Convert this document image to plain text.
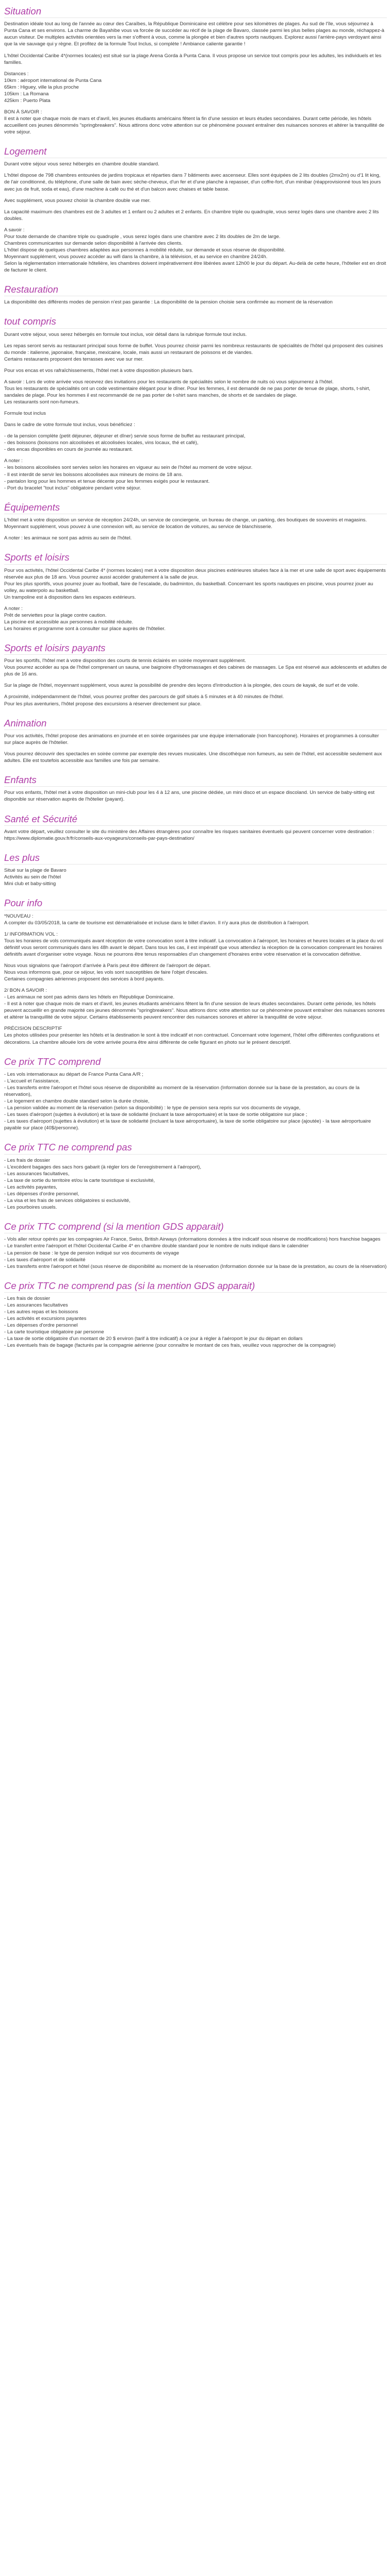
Situation

Destination idéale tout au long de l'année au cœur des Caraïbes, la République Dominicaine est célèbre pour ses kilomètres de plages. Au sud de l'île, vous séjournez à Punta Cana et ses environs. La charme de Bayahibe vous va forcée de succéder au récif de la plage de Bavaro, classée parmi les plus belles plages au monde, réchappez-à aucun visiteur. De multiples activités orientées vers la mer s'offrent à vous, comme la plongée et bien d'autres sports nautiques. Explorez aussi l'arrière-pays verdoyant ainsi que la vie sauvage qui y règne. Et profitez de la formule Tout Inclus, si complète ! Ambiance caliente garantie !

L'hôtel Occidental Caribe 4*(normes locales) est situé sur la plage Arena Gorda à Punta Cana. Il vous propose un service tout compris pour les adultes, les individuels et les familles.

Distances :
10km : aéroport international de Punta Cana
65km : Higuey, ville la plus proche
105km : La Romana
425km : Puerto Plata

BON À SAVOIR :
Il est à noter que chaque mois de mars et d'avril, les jeunes étudiants américains fêtent la fin d'une session et leurs études secondaires. Durant cette période, les hôtels accueillent ces jeunes dénommés "springbreakers". Nous attirons donc votre attention sur ce phénomène pouvant entraîner des nuisances sonores et altérer la tranquillité de votre séjour.

Logement

Durant votre séjour vous serez hébergés en chambre double standard.

L'hôtel dispose de 798 chambres entourées de jardins tropicaux et réparties dans 7 bâtiments avec ascenseur. Elles sont équipées de 2 lits doubles (2mx2m) ou d'1 lit king, de l'air conditionné, du téléphone, d'une salle de bain avec sèche-cheveux, d'un fer et d'une planche à repasser, d'un coffre-fort, d'un minibar (réapprovisionné tous les jours avec jus de fruit, soda et eau), d'une machine à café ou thé et d'un balcon avec chaises et table basse.

Avec supplément, vous pouvez choisir la chambre double vue mer.

La capacité maximum des chambres est de 3 adultes et 1 enfant ou 2 adultes et 2 enfants. En chambre triple ou quadruple, vous serez logés dans une chambre avec 2 lits doubles.

A savoir :
Pour toute demande de chambre triple ou quadruple , vous serez logés dans une chambre avec 2 lits doubles de 2m de large.
Chambres communicantes sur demande selon disponibilité à l'arrivée des clients.
L'hôtel dispose de quelques chambres adaptées aux personnes à mobilité réduite, sur demande et sous réserve de disponibilité.
Moyennant supplément, vous pouvez accéder au wifi dans la chambre, à la télévision, et au service en chambre 24/24h.
Selon la réglementation internationale hôtelière, les chambres doivent impérativement être libérées avant 12h00 le jour du départ. Au-delà de cette heure, l'hôtelier est en droit de facturer le client.

Restauration

La disponibilité des différents modes de pension n'est pas garantie : La disponibilité de la pension choisie sera confirmée au moment de la réservation

tout compris

Durant votre séjour, vous serez hébergés en formule tout inclus, voir détail dans la rubrique formule tout inclus.

Les repas seront servis au restaurant principal sous forme de buffet. Vous pourrez choisir parmi les nombreux restaurants de spécialités de l'hôtel qui proposent des cuisines du monde : italienne, japonaise, française, mexicaine, locale, mais aussi un restaurant de poissons et de viandes.
Certains restaurants proposent des terrasses avec vue sur mer.

Pour vos encas et vos rafraîchissements, l'hôtel met à votre disposition plusieurs bars.

A savoir : Lors de votre arrivée vous recevrez des invitations pour les restaurants de spécialités selon le nombre de nuits où vous séjournerez à l'hôtel.
Tous les restaurants de spécialités ont un code vestimentaire élégant pour le dîner. Pour les femmes, il est demandé de ne pas porter de tenue de plage, shorts, t-shirt, sandales de plage. Pour les hommes il est recommandé de ne pas porter de t-shirt sans manches, de shorts et de sandales de plage.
Les restaurants sont non-fumeurs.

Formule tout inclus

Dans le cadre de votre formule tout inclus, vous bénéficiez :

- de la pension complète (petit déjeuner, déjeuner et dîner) servie sous forme de buffet au restaurant principal,
- des boissons (boissons non alcoolisées et alcoolisées locales, vins locaux, thé et café),
- des encas disponibles en cours de journée au restaurant.

A noter :
- les boissons alcoolisées sont servies selon les horaires en vigueur au sein de l'hôtel au moment de votre séjour.
- Il est interdit de servir les boissons alcoolisées aux mineurs de moins de 18 ans.
- pantalon long pour les hommes et tenue décente pour les femmes exigés pour le restaurant.
- Port du bracelet "tout inclus" obligatoire pendant votre séjour.

Équipements

L'hôtel met à votre disposition un service de réception 24/24h, un service de conciergerie, un bureau de change, un parking, des boutiques de souvenirs et magasins.
Moyennant supplément, vous pouvez à une connexion wifi, au service de location de voitures, au service de blanchisserie.

A noter : les animaux ne sont pas admis au sein de l'hôtel.

Sports et loisirs

Pour vos activités, l'hôtel Occidental Caribe 4* (normes locales) met à votre disposition deux piscines extérieures situées face à la mer et une salle de sport avec équipements réservée aux plus de 18 ans. Vous pourrez aussi accéder gratuitement à la salle de jeux.
Pour les plus sportifs, vous pourrez jouer au football, faire de l'escalade, du badminton, du basketball. Concernant les sports nautiques en piscine, vous pourrez jouer au volley, au waterpolo au basketball.
Un trampoline est à disposition dans les espaces extérieurs.

A noter :
Prêt de serviettes pour la plage contre caution.
La piscine est accessible aux personnes à mobilité réduite.
Les horaires et programme sont à consulter sur place auprès de l'hôtelier.

Sports et loisirs payants

Pour les sportifs, l'hôtel met à votre disposition des courts de tennis éclairés en soirée moyennant supplément.
Vous pourrez accéder au spa de l'hôtel comprenant un sauna, une baignoire d'hydromassages et des cabines de massages. Le Spa est réservé aux adolescents et adultes de plus de 16 ans.

Sur la plage de l'hôtel, moyennant supplément, vous aurez la possibilité de prendre des leçons d'introduction à la plongée, des cours de kayak, de surf et de voile.

A proximité, indépendamment de l'hôtel, vous pourrez profiter des parcours de golf situés à 5 minutes et à 40 minutes de l'hôtel.
Pour les plus aventuriers, l'hôtel propose des excursions à réserver directement sur place.

Animation

Pour vos activités, l'hôtel propose des animations en journée et en soirée organisées par une équipe internationale (non francophone). Horaires et programmes à consulter sur place auprès de l'hôtelier.

Vous pourrez découvrir des spectacles en soirée comme par exemple des revues musicales. Une discothèque non fumeurs, au sein de l'hôtel, est accessible seulement aux adultes. Elle est toutefois accessible aux familles une fois par semaine.

Enfants

Pour vos enfants, l'hôtel met à votre disposition un mini-club pour les 4 à 12 ans, une piscine dédiée, un mini disco et un espace discoland. Un service de baby-sitting est disponible sur réservation auprès de l'hôtelier (payant).

Santé et Sécurité

Avant votre départ, veuillez consulter le site du ministère des Affaires étrangères pour connaître les risques sanitaires éventuels qui peuvent concerner votre destination : https://www.diplomatie.gouv.fr/fr/conseils-aux-voyageurs/conseils-par-pays-destination/

Les plus

Situé sur la plage de Bavaro
Activités au sein de l'hôtel
Mini club et baby-sitting

Pour info

*NOUVEAU :
A compter du 03/05/2018, la carte de tourisme est dématérialisée et incluse dans le billet d'avion. Il n'y aura plus de distribution à l'aéroport.

1/ INFORMATION VOL :
Tous les horaires de vols communiqués avant réception de votre convocation sont à titre indicatif. La convocation à l'aéroport, les horaires et heures locales et la place du vol définitif vous seront communiqués dans les 48h avant le départ. Dans tous les cas, il est impératif que vous attendiez la réception de la convocation comprenant les horaires définitifs avant d'organiser votre voyage. Nous ne pourrons être tenus responsables d'un changement d'horaires entre votre réservation et la convocation définitive.

Nous vous signalons que l'aéroport d'arrivée à Paris peut être différent de l'aéroport de départ.
Nous vous informons que, pour ce séjour, les vols sont susceptibles de faire l'objet d'escales.
Certaines compagnies aériennes proposent des services à bord payants.

2/ BON A SAVOIR :
- Les animaux ne sont pas admis dans les hôtels en République Dominicaine.
- Il est à noter que chaque mois de mars et d'avril, les jeunes étudiants américains fêtent la fin d'une session de leurs études secondaires. Durant cette période, les hôtels peuvent accueillir en grande majorité ces jeunes dénommés "springbreakers". Nous attirons donc votre attention sur ce phénomène pouvant entraîner des nuisances sonores et altérer la tranquillité de votre séjour. Certains établissements peuvent rencontrer des nuisances sonores et altérer la tranquillité de votre séjour.

PRÉCISION DESCRIPTIF
Les photos utilisées pour présenter les hôtels et la destination le sont à titre indicatif et non contractuel. Concernant votre logement, l'hôtel offre différentes configurations et décorations. La chambre allouée lors de votre arrivée pourra être ainsi différente de celle figurant en photo sur le présent descriptif.

Ce prix TTC comprend

- Les vols internationaux au départ de France Punta Cana A/R ;
- L'accueil et l'assistance,
- Les transferts entre l'aéroport et l'hôtel sous réserve de disponibilité au moment de la réservation (Information donnée sur la base de la prestation, au cours de la réservation),
- Le logement en chambre double standard selon la durée choisie,
- La pension validée au moment de la réservation (selon sa disponibilité) : le type de pension sera repris sur vos documents de voyage,
- Les taxes d'aéroport (sujettes à évolution) et la taxe de solidarité (incluant la taxe aéroportuaire) et la taxe de sortie obligatoire sur place ;
- Les taxes d'aéroport (sujettes à évolution) et la taxe de solidarité (incluant la taxe aéroportuaire), la taxe de sortie obligatoire sur place (ajoutée) - la taxe aéroportuaire payable sur place (40$/personne).

Ce prix TTC ne comprend pas

- Les frais de dossier
- L'excédent bagages des sacs hors gabarit (à régler lors de l'enregistrement à l'aéroport),
- Les assurances facultatives,
- La taxe de sortie du territoire et/ou la carte touristique si exclusivité,
- Les activités payantes,
- Les dépenses d'ordre personnel,
- La visa et les frais de services obligatoires si exclusivité,
- Les pourboires usuels.

Ce prix TTC comprend (si la mention GDS apparait)

- Vols aller retour opérés par les compagnies Air France, Swiss, British Airways (informations données à titre indicatif sous réserve de modifications) hors franchise bagages
- Le transfert entre l'aéroport et l'hôtel Occidental Caribe 4* en chambre double standard pour le nombre de nuits indiqué dans le calendrier
- La pension de base : le type de pension indiqué sur vos documents de voyage
- Les taxes d'aéroport et de solidarité
- Les transferts entre l'aéroport et hôtel (sous réserve de disponibilité au moment de la réservation (Information donnée sur la base de la prestation, au cours de la réservation)

Ce prix TTC ne comprend pas (si la mention GDS apparait)

- Les frais de dossier
- Les assurances facultatives
- Les autres repas et les boissons
- Les activités et excursions payantes
- Les dépenses d'ordre personnel
- La carte touristique obligatoire par personne
- La taxe de sortie obligatoire d'un montant de 20 $ environ (tarif à titre indicatif) à ce jour à régler à l'aéroport le jour du départ en dollars
- Les éventuels frais de bagage (facturés par la compagnie aérienne (pour connaître le montant de ces frais, veuillez vous rapprocher de la compagnie)
